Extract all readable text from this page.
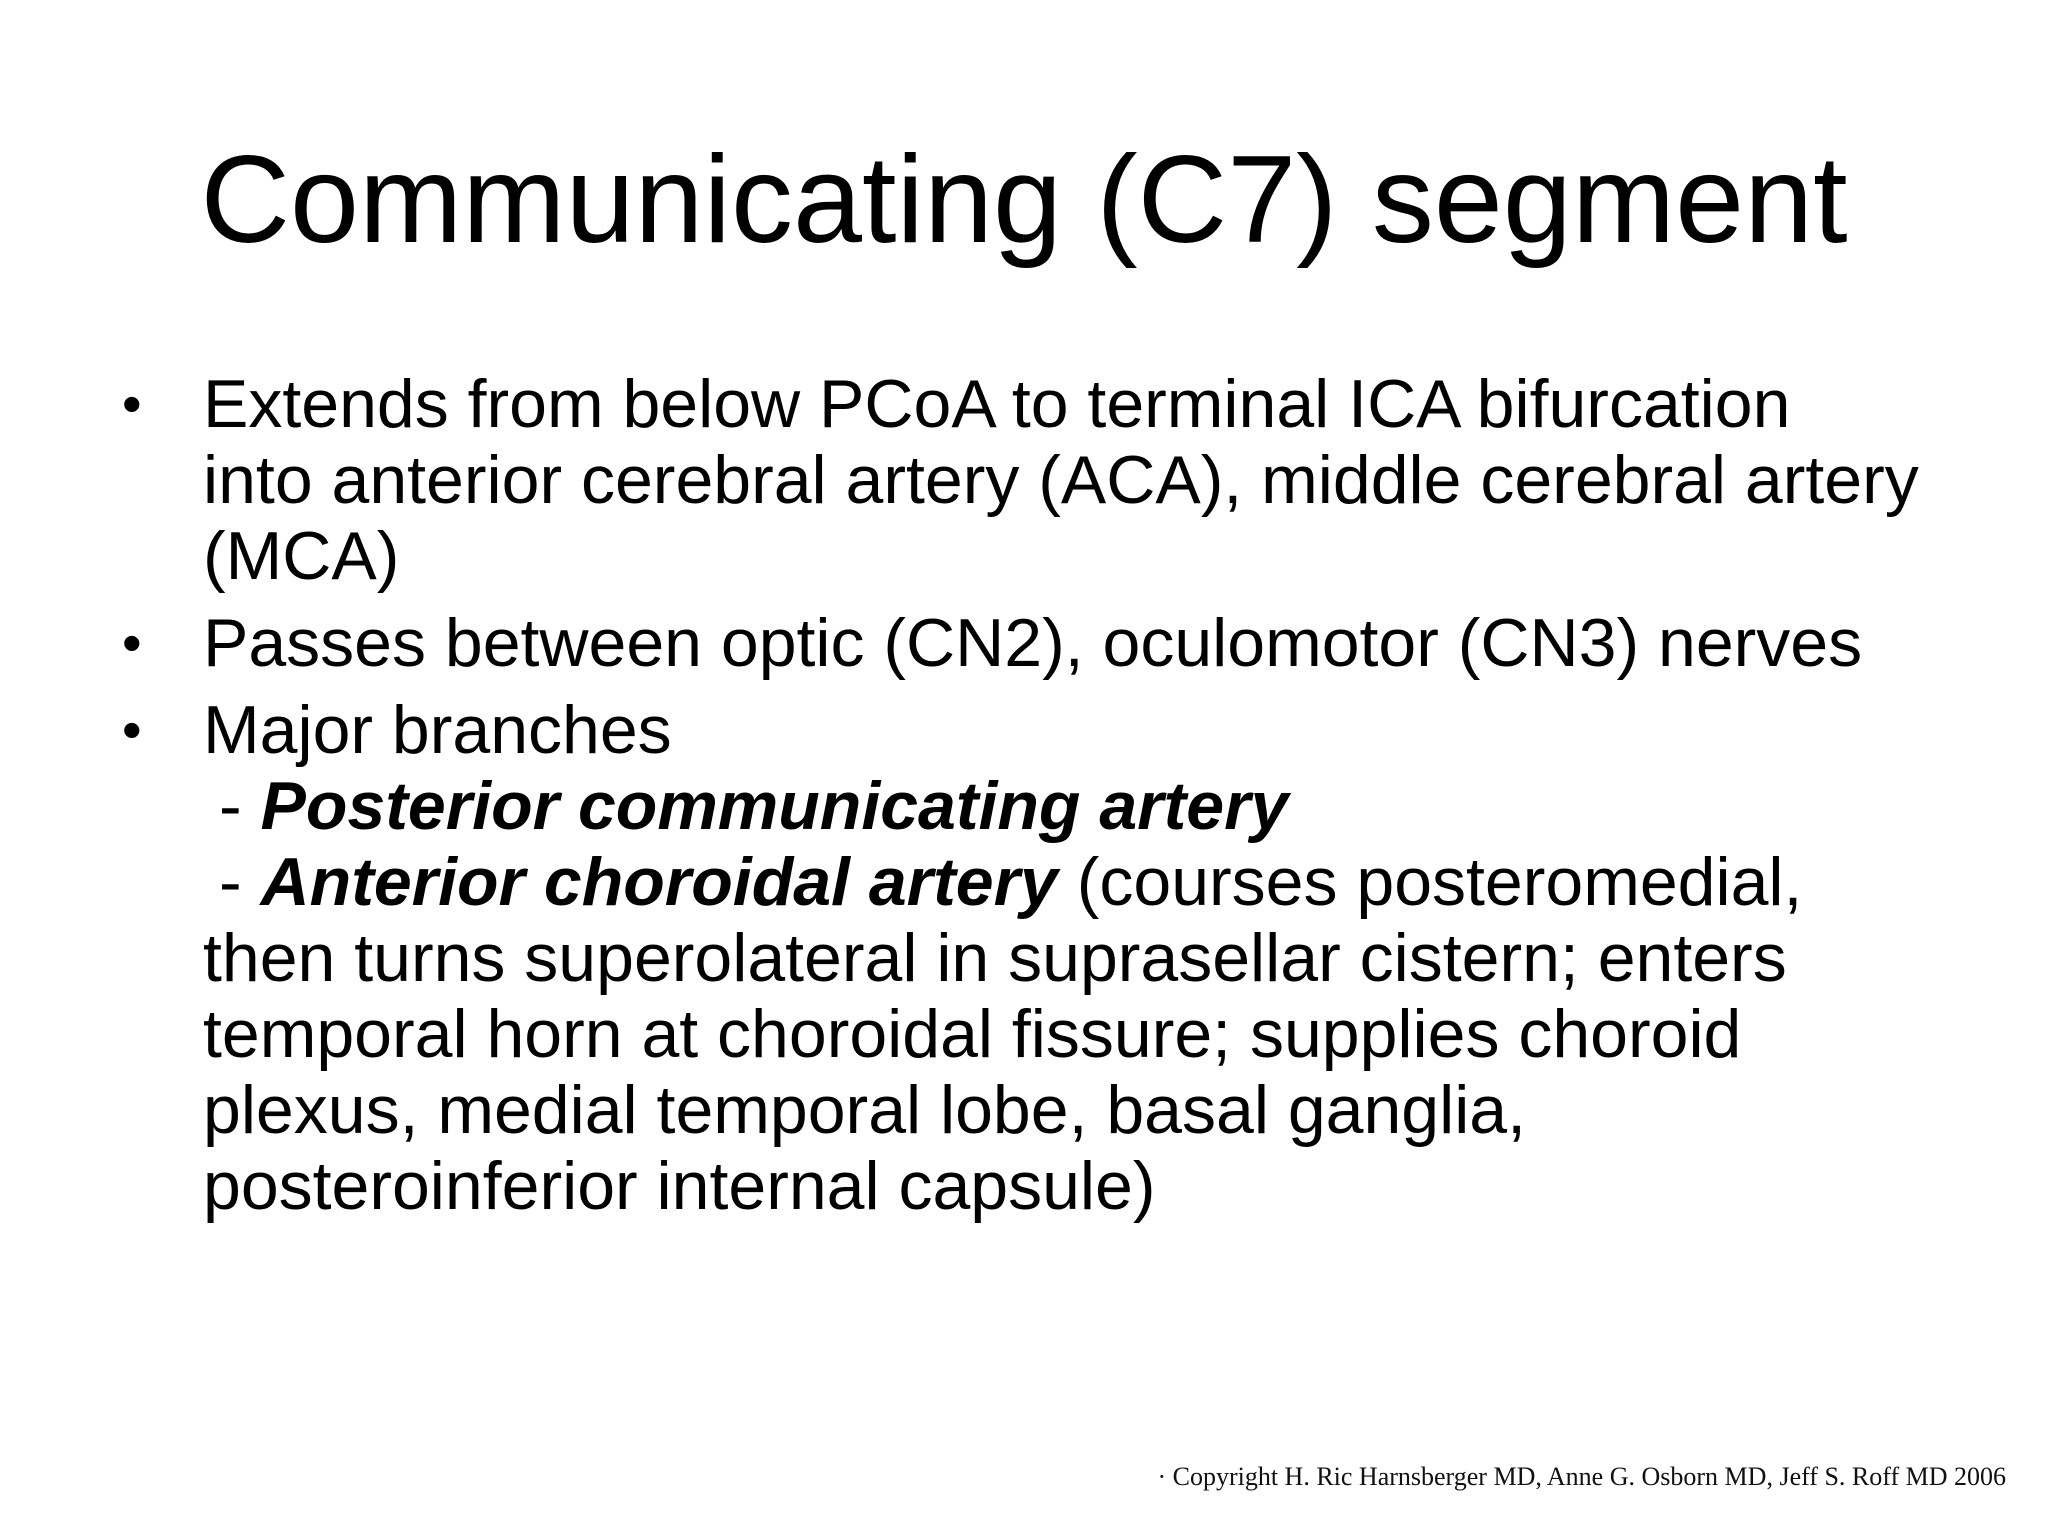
Communicating (C7) segment
• Extends from below PCoA to terminal ICA bifurcation
into anterior cerebral artery (ACA), middle cerebral artery
(MCA)
• Passes between optic (CN2), oculomotor (CN3) nerves
• Major branches
- Posterior communicating artery
- Anterior choroidal artery (courses posteromedial,
then turns superolateral in suprasellar cistern; enters
temporal horn at choroidal fissure; supplies choroid
plexus, medial temporal lobe, basal ganglia,
posteroinferior internal capsule)
· Copyright H. Ric Harnsberger MD, Anne G. Osborn MD, Jeff S. Roff MD 2006
